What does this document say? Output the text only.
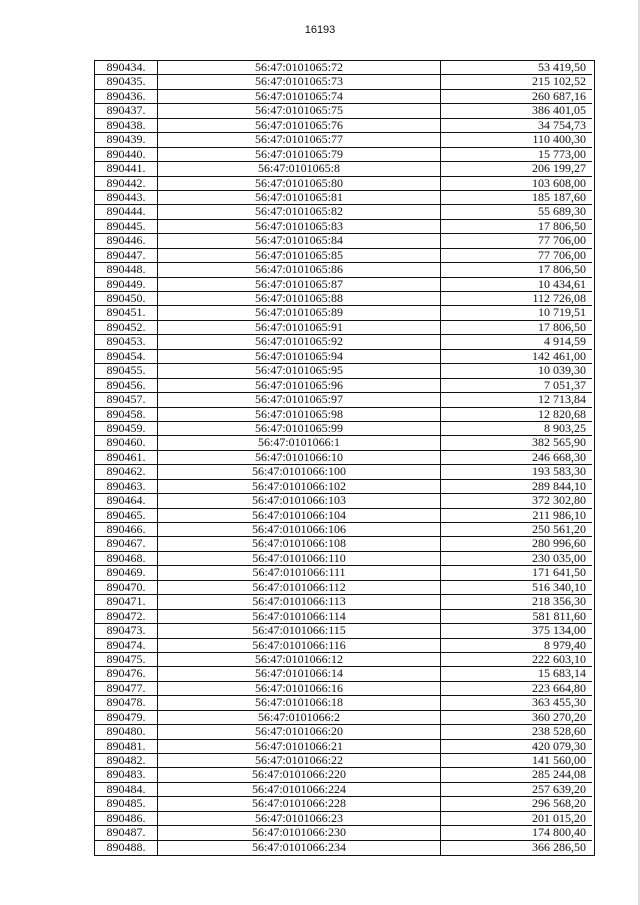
16193
890434.	56:47:0101065:72	53 419,50
890435.	56:47:0101065:73	215 102,52
890436.	56:47:0101065:74	260 687,16
890437.	56:47:0101065:75	386 401,05
890438.	56:47:0101065:76	34 754,73
890439.	56:47:0101065:77	110 400,30
890440.	56:47:0101065:79	15 773,00
890441.	56:47:0101065:8	206 199,27
890442.	56:47:0101065:80	103 608,00
890443.	56:47:0101065:81	185 187,60
890444.	56:47:0101065:82	55 689,30
890445.	56:47:0101065:83	17 806,50
890446.	56:47:0101065:84	77 706,00
890447.	56:47:0101065:85	77 706,00
890448.	56:47:0101065:86	17 806,50
890449.	56:47:0101065:87	10 434,61
890450.	56:47:0101065:88	112 726,08
890451.	56:47:0101065:89	10 719,51
890452.	56:47:0101065:91	17 806,50
890453.	56:47:0101065:92	4 914,59
890454.	56:47:0101065:94	142 461,00
890455.	56:47:0101065:95	10 039,30
890456.	56:47:0101065:96	7 051,37
890457.	56:47:0101065:97	12 713,84
890458.	56:47:0101065:98	12 820,68
890459.	56:47:0101065:99	8 903,25
890460.	56:47:0101066:1	382 565,90
890461.	56:47:0101066:10	246 668,30
890462.	56:47:0101066:100	193 583,30
890463.	56:47:0101066:102	289 844,10
890464.	56:47:0101066:103	372 302,80
890465.	56:47:0101066:104	211 986,10
890466.	56:47:0101066:106	250 561,20
890467.	56:47:0101066:108	280 996,60
890468.	56:47:0101066:110	230 035,00
890469.	56:47:0101066:111	171 641,50
890470.	56:47:0101066:112	516 340,10
890471.	56:47:0101066:113	218 356,30
890472.	56:47:0101066:114	581 811,60
890473.	56:47:0101066:115	375 134,00
890474.	56:47:0101066:116	8 979,40
890475.	56:47:0101066:12	222 603,10
890476.	56:47:0101066:14	15 683,14
890477.	56:47:0101066:16	223 664,80
890478.	56:47:0101066:18	363 455,30
890479.	56:47:0101066:2	360 270,20
890480.	56:47:0101066:20	238 528,60
890481.	56:47:0101066:21	420 079,30
890482.	56:47:0101066:22	141 560,00
890483.	56:47:0101066:220	285 244,08
890484.	56:47:0101066:224	257 639,20
890485.	56:47:0101066:228	296 568,20
890486.	56:47:0101066:23	201 015,20
890487.	56:47:0101066:230	174 800,40
890488.	56:47:0101066:234	366 286,50
